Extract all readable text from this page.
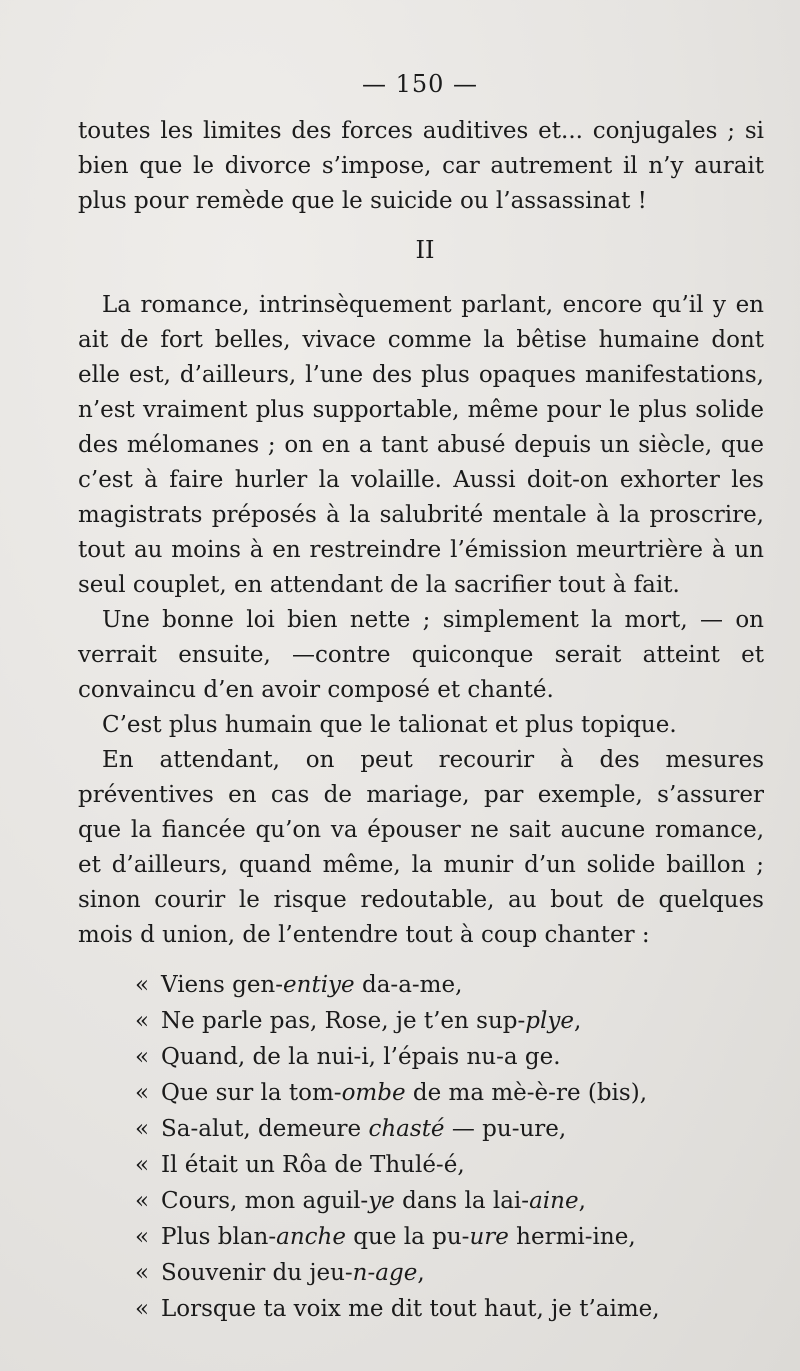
— 150 —

toutes les limites des forces auditives et... conjugales ; si bien que le divorce s’impose, car autrement il n’y aurait plus pour remède que le suicide ou l’assassinat !

II

La romance, intrinsèquement parlant, encore qu’il y en ait de fort belles, vivace comme la bêtise humaine dont elle est, d’ailleurs, l’une des plus opaques manifestations, n’est vraiment plus supportable, même pour le plus solide des mélomanes ; on en a tant abusé depuis un siècle, que c’est à faire hurler la volaille. Aussi doit-on exhorter les magistrats préposés à la salubrité mentale à la proscrire, tout au moins à en restreindre l’émission meurtrière à un seul couplet, en attendant de la sacrifier tout à fait.

Une bonne loi bien nette ; simplement la mort, — on verrait ensuite, —contre quiconque serait atteint et convaincu d’en avoir composé et chanté.

C’est plus humain que le talionat et plus topique.

En attendant, on peut recourir à des mesures préventives en cas de mariage, par exemple, s’assurer que la fiancée qu’on va épouser ne sait aucune romance, et d’ailleurs, quand même, la munir d’un solide baillon ; sinon courir le risque redoutable, au bout de quelques mois d union, de l’entendre tout à coup chanter :

« Viens gen-entiye da-a-me,
« Ne parle pas, Rose, je t’en sup-plye,
« Quand, de la nui-i, l’épais nu-a ge.
« Que sur la tom-ombe de ma mè-è-re (bis),
« Sa-alut, demeure chasté — pu-ure,
« Il était un Rôa de Thulé-é,
« Cours, mon aguil-ye dans la lai-aine,
« Plus blan-anche que la pu-ure hermi-ine,
« Souvenir du jeu-n-age,
« Lorsque ta voix me dit tout haut, je t’aime,
